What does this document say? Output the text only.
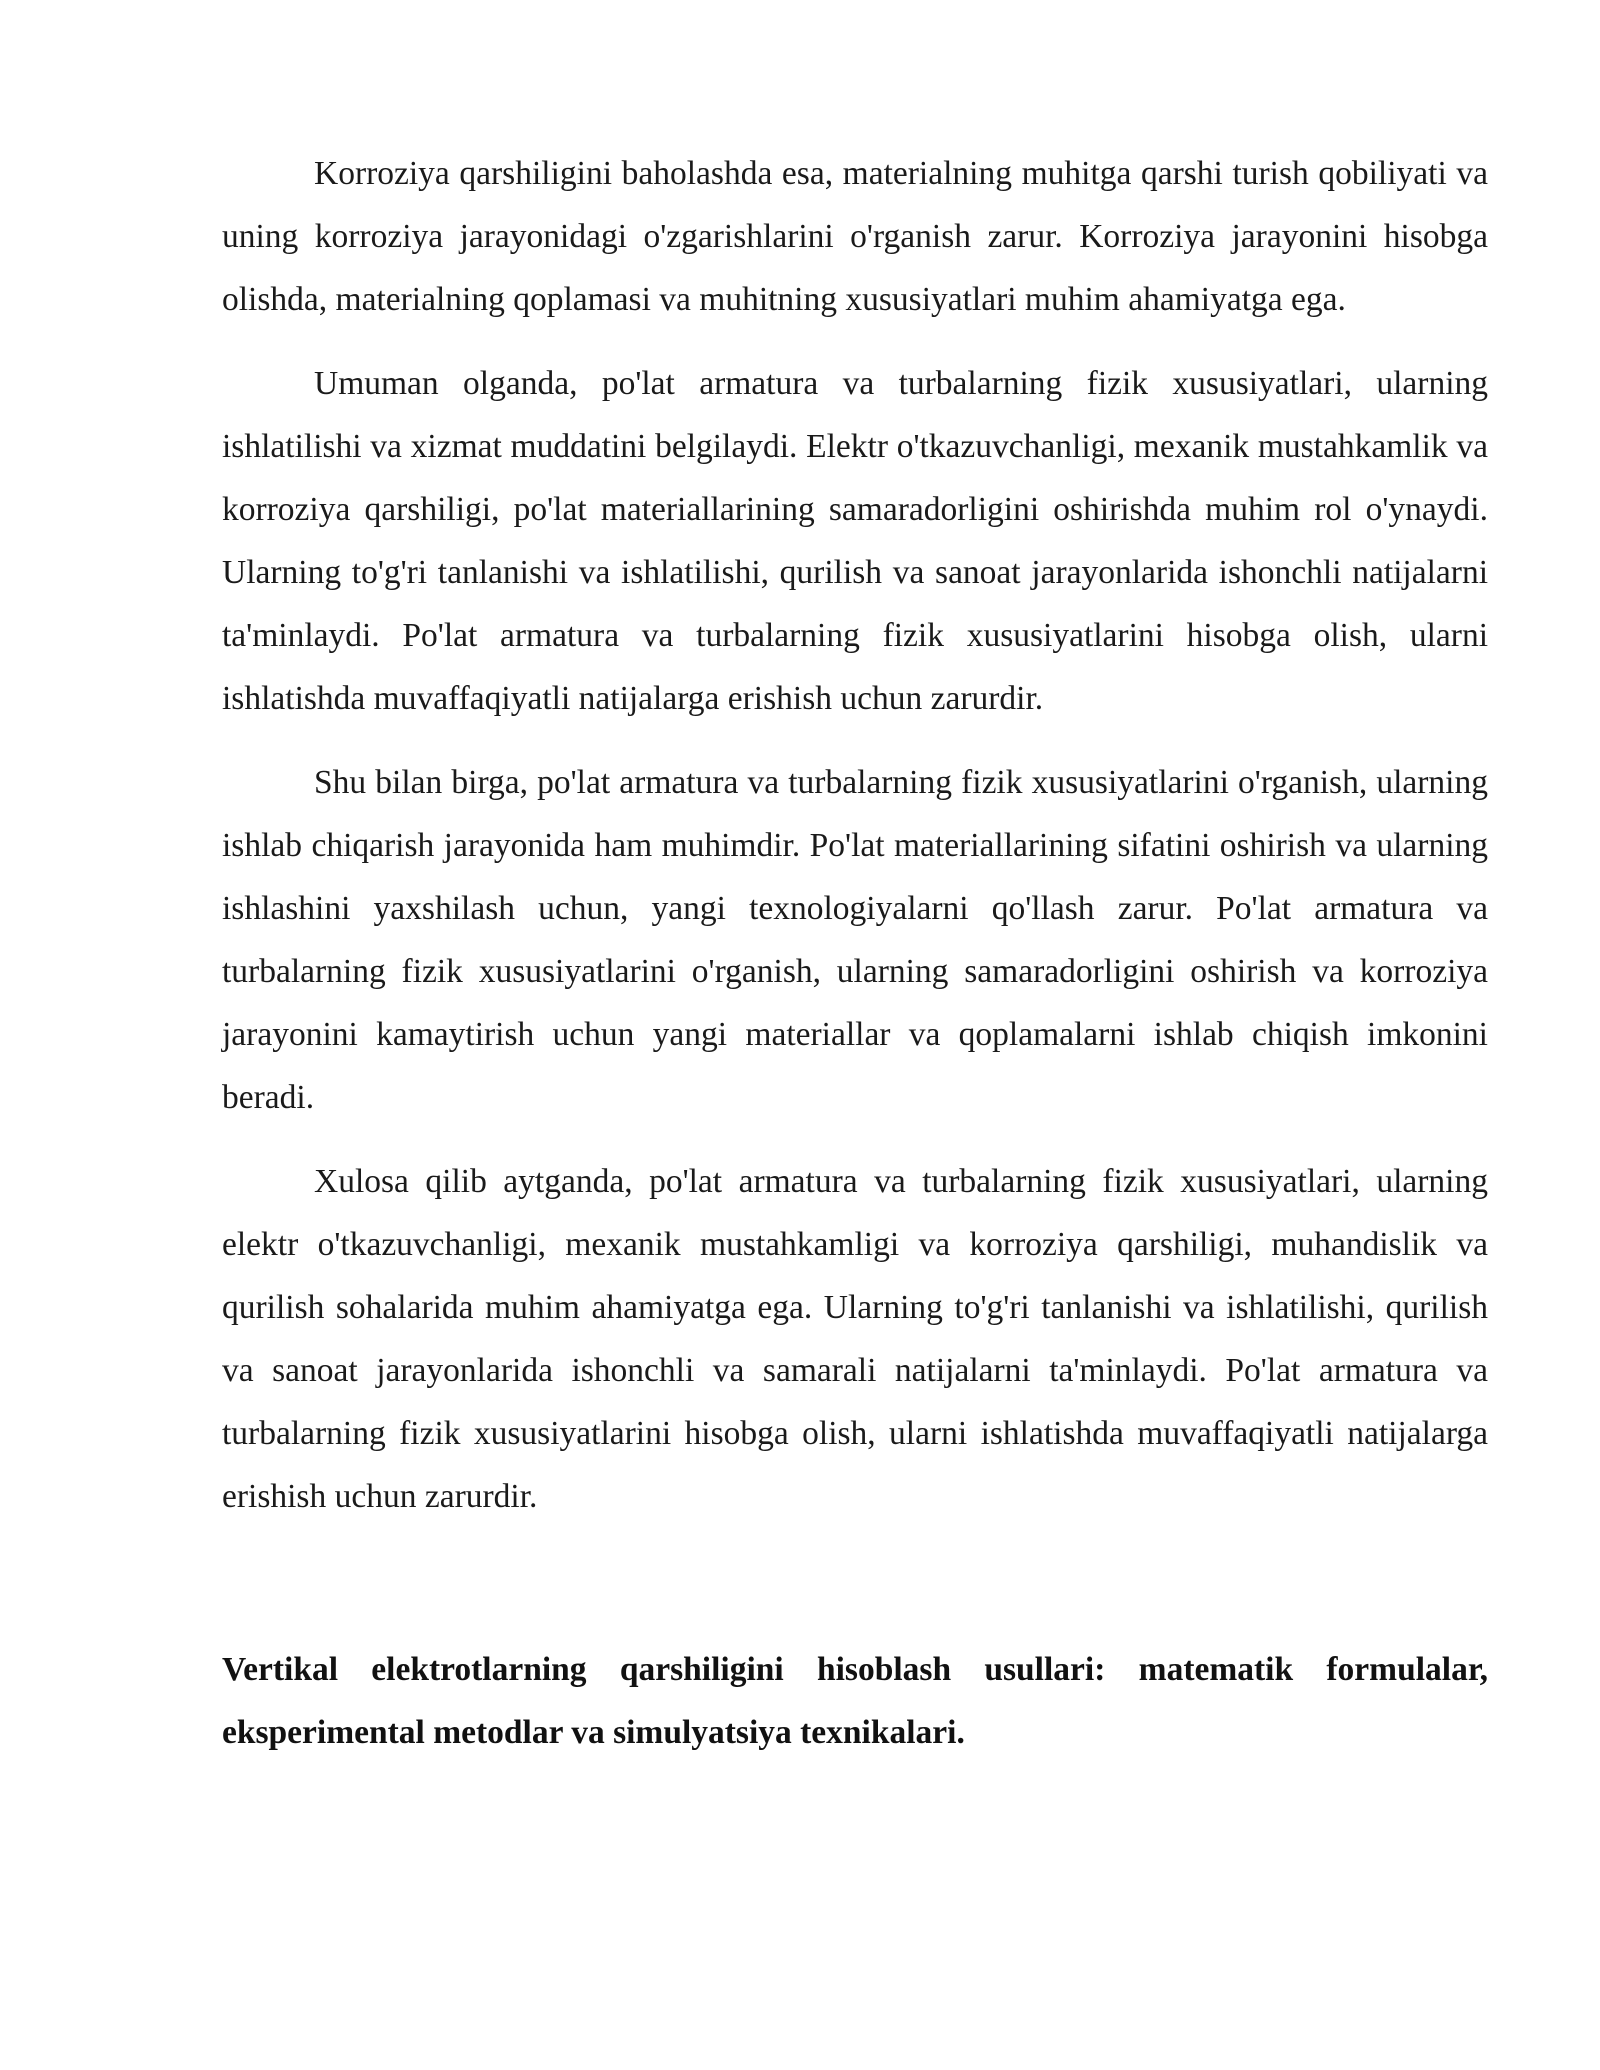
Korroziya qarshiligini baholashda esa, materialning muhitga qarshi turish qobiliyati va uning korroziya jarayonidagi o'zgarishlarini o'rganish zarur. Korroziya jarayonini hisobga olishda, materialning qoplamasi va muhitning xususiyatlari muhim ahamiyatga ega.

Umuman olganda, po'lat armatura va turbalarning fizik xususiyatlari, ularning ishlatilishi va xizmat muddatini belgilaydi. Elektr o'tkazuvchanligi, mexanik mustahkamlik va korroziya qarshiligi, po'lat materiallarining samaradorligini oshirishda muhim rol o'ynaydi. Ularning to'g'ri tanlanishi va ishlatilishi, qurilish va sanoat jarayonlarida ishonchli natijalarni ta'minlaydi. Po'lat armatura va turbalarning fizik xususiyatlarini hisobga olish, ularni ishlatishda muvaffaqiyatli natijalarga erishish uchun zarurdir.

Shu bilan birga, po'lat armatura va turbalarning fizik xususiyatlarini o'rganish, ularning ishlab chiqarish jarayonida ham muhimdir. Po'lat materiallarining sifatini oshirish va ularning ishlashini yaxshilash uchun, yangi texnologiyalarni qo'llash zarur. Po'lat armatura va turbalarning fizik xususiyatlarini o'rganish, ularning samaradorligini oshirish va korroziya jarayonini kamaytirish uchun yangi materiallar va qoplamalarni ishlab chiqish imkonini beradi.

Xulosa qilib aytganda, po'lat armatura va turbalarning fizik xususiyatlari, ularning elektr o'tkazuvchanligi, mexanik mustahkamligi va korroziya qarshiligi, muhandislik va qurilish sohalarida muhim ahamiyatga ega. Ularning to'g'ri tanlanishi va ishlatilishi, qurilish va sanoat jarayonlarida ishonchli va samarali natijalarni ta'minlaydi. Po'lat armatura va turbalarning fizik xususiyatlarini hisobga olish, ularni ishlatishda muvaffaqiyatli natijalarga erishish uchun zarurdir.

Vertikal elektrotlarning qarshiligini hisoblash usullari: matematik formulalar, eksperimental metodlar va simulyatsiya texnikalari.
